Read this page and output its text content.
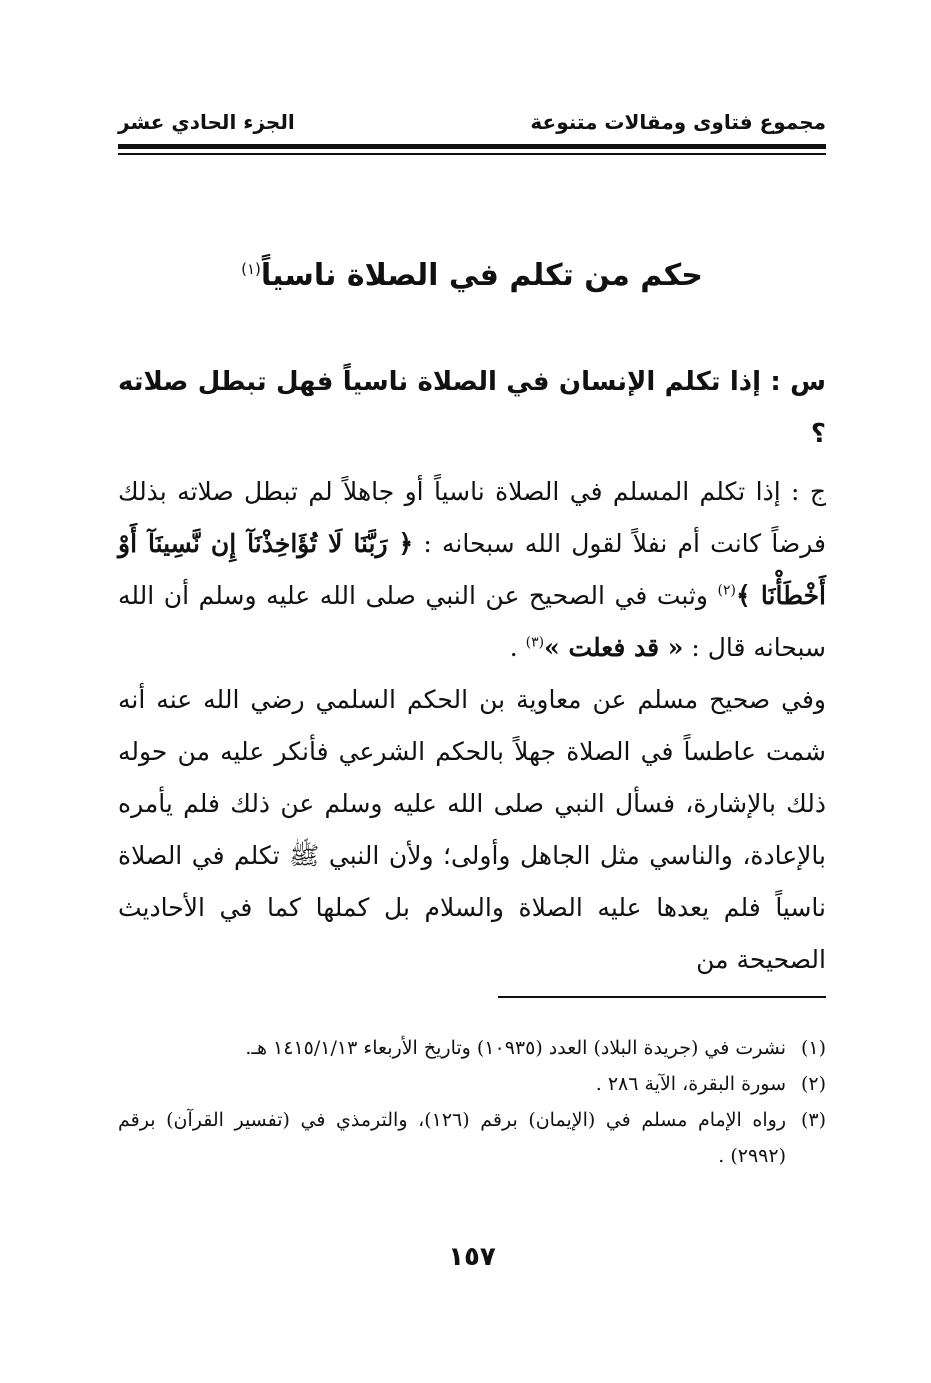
مجموع فتاوى ومقالات متنوعة
الجزء الحادي عشر
حكم من تكلم في الصلاة ناسياً$^{(١)}$
س : إذا تكلم الإنسان في الصلاة ناسياً فهل تبطل صلاته ؟
ج : إذا تكلم المسلم في الصلاة ناسياً أو جاهلاً لم تبطل صلاته بذلك فرضاً كانت أم نفلاً لقول الله سبحانه : ﴿ رَبَّنَا لَا تُؤَاخِذْنَآ إِن نَّسِينَآ أَوْ أَخْطَأْنَا ﴾$^{(٢)}$ وثبت في الصحيح عن النبي صلى الله عليه وسلم أن الله سبحانه قال : « قد فعلت »$^{(٣)}$ .
وفي صحيح مسلم عن معاوية بن الحكم السلمي رضي الله عنه أنه شمت عاطساً في الصلاة جهلاً بالحكم الشرعي فأنكر عليه من حوله ذلك بالإشارة، فسأل النبي صلى الله عليه وسلم عن ذلك فلم يأمره بالإعادة، والناسي مثل الجاهل وأولى؛ ولأن النبي ﷺ تكلم في الصلاة ناسياً فلم يعدها عليه الصلاة والسلام بل كملها كما في الأحاديث الصحيحة من
(١)
نشرت في (جريدة البلاد) العدد (١٠٩٣٥) وتاريخ الأربعاء ١٤١٥/١/١٣ هـ.
(٢)
سورة البقرة، الآية ٢٨٦ .
(٣)
رواه الإمام مسلم في (الإيمان) برقم (١٢٦)، والترمذي في (تفسير القرآن) برقم (٢٩٩٢) .
١٥٧
